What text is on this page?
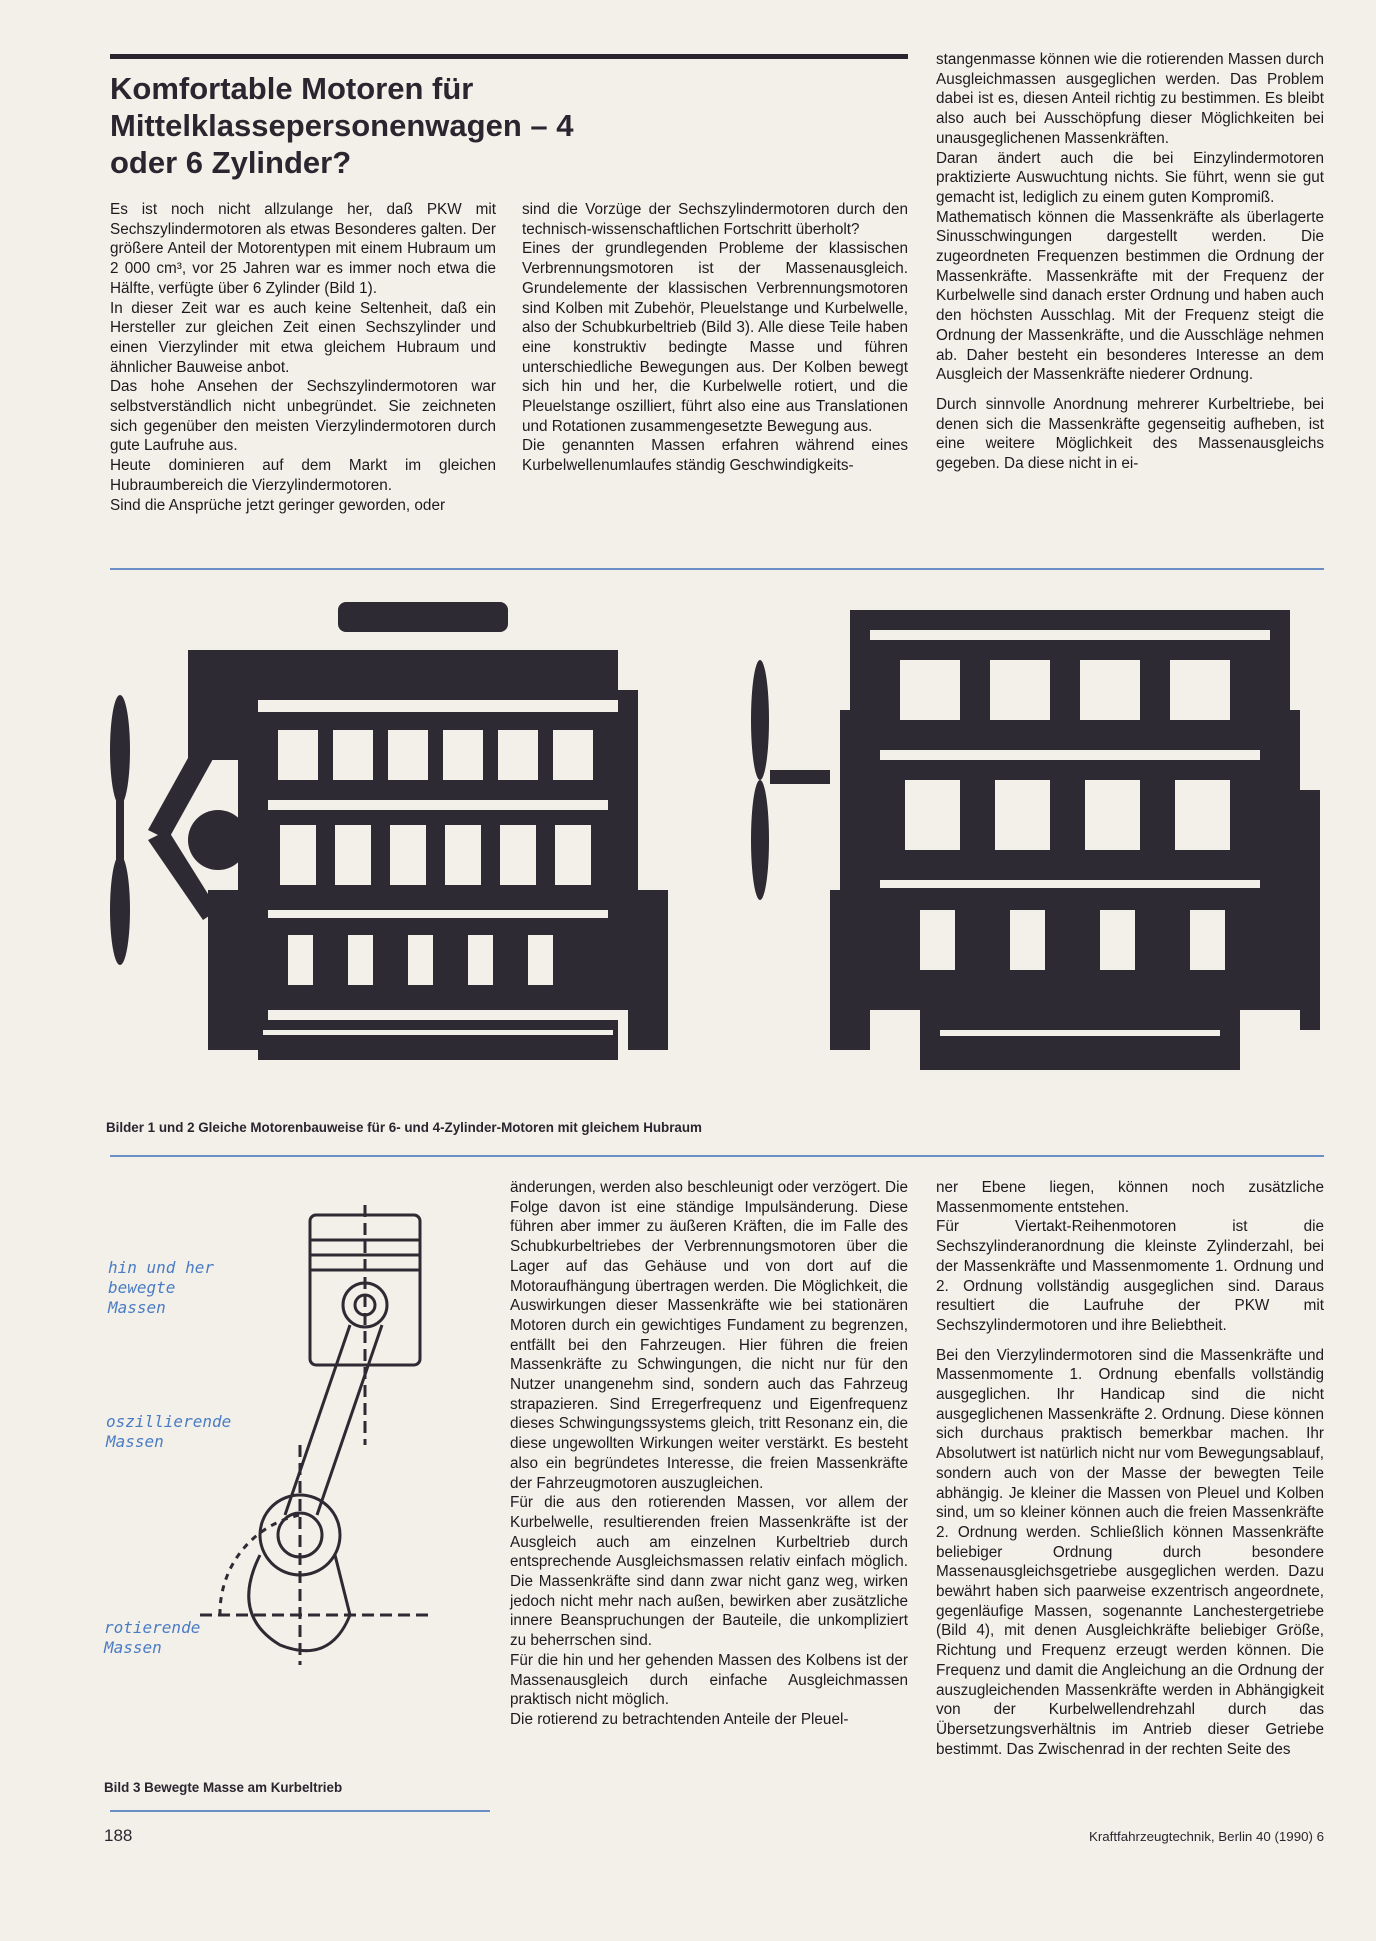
Komfortable Motoren für Mittelklassepersonenwagen – 4 oder 6 Zylinder?

Es ist noch nicht allzulange her, daß PKW mit Sechszylindermotoren als etwas Besonderes galten. Der größere Anteil der Motorentypen mit einem Hubraum um 2 000 cm³, vor 25 Jahren war es immer noch etwa die Hälfte, verfügte über 6 Zylinder (Bild 1).

In dieser Zeit war es auch keine Seltenheit, daß ein Hersteller zur gleichen Zeit einen Sechszylinder und einen Vierzylinder mit etwa gleichem Hubraum und ähnlicher Bauweise anbot.

Das hohe Ansehen der Sechszylindermotoren war selbstverständlich nicht unbegründet. Sie zeichneten sich gegenüber den meisten Vierzylindermotoren durch gute Laufruhe aus.

Heute dominieren auf dem Markt im gleichen Hubraumbereich die Vierzylindermotoren.

Sind die Ansprüche jetzt geringer geworden, oder

sind die Vorzüge der Sechszylindermotoren durch den technisch-wissenschaftlichen Fortschritt überholt?

Eines der grundlegenden Probleme der klassischen Verbrennungsmotoren ist der Massenausgleich. Grundelemente der klassischen Verbrennungsmotoren sind Kolben mit Zubehör, Pleuelstange und Kurbelwelle, also der Schubkurbeltrieb (Bild 3). Alle diese Teile haben eine konstruktiv bedingte Masse und führen unterschiedliche Bewegungen aus. Der Kolben bewegt sich hin und her, die Kurbelwelle rotiert, und die Pleuelstange oszilliert, führt also eine aus Translationen und Rotationen zusammengesetzte Bewegung aus.

Die genannten Massen erfahren während eines Kurbelwellenumlaufes ständig Geschwindigkeits-

stangenmasse können wie die rotierenden Massen durch Ausgleichmassen ausgeglichen werden. Das Problem dabei ist es, diesen Anteil richtig zu bestimmen. Es bleibt also auch bei Ausschöpfung dieser Möglichkeiten bei unausgeglichenen Massenkräften.

Daran ändert auch die bei Einzylindermotoren praktizierte Auswuchtung nichts. Sie führt, wenn sie gut gemacht ist, lediglich zu einem guten Kompromiß.

Mathematisch können die Massenkräfte als überlagerte Sinusschwingungen dargestellt werden. Die zugeordneten Frequenzen bestimmen die Ordnung der Massenkräfte. Massenkräfte mit der Frequenz der Kurbelwelle sind danach erster Ordnung und haben auch den höchsten Ausschlag. Mit der Frequenz steigt die Ordnung der Massenkräfte, und die Ausschläge nehmen ab. Daher besteht ein besonderes Interesse an dem Ausgleich der Massenkräfte niederer Ordnung.

Durch sinnvolle Anordnung mehrerer Kurbeltriebe, bei denen sich die Massenkräfte gegenseitig aufheben, ist eine weitere Möglichkeit des Massenausgleichs gegeben. Da diese nicht in ei-

Bilder 1 und 2 Gleiche Motorenbauweise für 6- und 4-Zylinder-Motoren mit gleichem Hubraum
hin und her
bewegte
Massen
oszillierende
Massen
rotierende
Massen
Bild 3 Bewegte Masse am Kurbeltrieb

änderungen, werden also beschleunigt oder verzögert. Die Folge davon ist eine ständige Impulsänderung. Diese führen aber immer zu äußeren Kräften, die im Falle des Schubkurbeltriebes der Verbrennungsmotoren über die Lager auf das Gehäuse und von dort auf die Motoraufhängung übertragen werden. Die Möglichkeit, die Auswirkungen dieser Massenkräfte wie bei stationären Motoren durch ein gewichtiges Fundament zu begrenzen, entfällt bei den Fahrzeugen. Hier führen die freien Massenkräfte zu Schwingungen, die nicht nur für den Nutzer unangenehm sind, sondern auch das Fahrzeug strapazieren. Sind Erregerfrequenz und Eigenfrequenz dieses Schwingungssystems gleich, tritt Resonanz ein, die diese ungewollten Wirkungen weiter verstärkt. Es besteht also ein begründetes Interesse, die freien Massenkräfte der Fahrzeugmotoren auszugleichen.

Für die aus den rotierenden Massen, vor allem der Kurbelwelle, resultierenden freien Massenkräfte ist der Ausgleich auch am einzelnen Kurbeltrieb durch entsprechende Ausgleichsmassen relativ einfach möglich. Die Massenkräfte sind dann zwar nicht ganz weg, wirken jedoch nicht mehr nach außen, bewirken aber zusätzliche innere Beanspruchungen der Bauteile, die unkompliziert zu beherrschen sind.

Für die hin und her gehenden Massen des Kolbens ist der Massenausgleich durch einfache Ausgleichmassen praktisch nicht möglich.

Die rotierend zu betrachtenden Anteile der Pleuel-

ner Ebene liegen, können noch zusätzliche Massenmomente entstehen.

Für Viertakt-Reihenmotoren ist die Sechszylinderanordnung die kleinste Zylinderzahl, bei der Massenkräfte und Massenmomente 1. Ordnung und 2. Ordnung vollständig ausgeglichen sind. Daraus resultiert die Laufruhe der PKW mit Sechszylindermotoren und ihre Beliebtheit.

Bei den Vierzylindermotoren sind die Massenkräfte und Massenmomente 1. Ordnung ebenfalls vollständig ausgeglichen. Ihr Handicap sind die nicht ausgeglichenen Massenkräfte 2. Ordnung. Diese können sich durchaus praktisch bemerkbar machen. Ihr Absolutwert ist natürlich nicht nur vom Bewegungsablauf, sondern auch von der Masse der bewegten Teile abhängig. Je kleiner die Massen von Pleuel und Kolben sind, um so kleiner können auch die freien Massenkräfte 2. Ordnung werden. Schließlich können Massenkräfte beliebiger Ordnung durch besondere Massenausgleichsgetriebe ausgeglichen werden. Dazu bewährt haben sich paarweise exzentrisch angeordnete, gegenläufige Massen, sogenannte Lanchestergetriebe (Bild 4), mit denen Ausgleichkräfte beliebiger Größe, Richtung und Frequenz erzeugt werden können. Die Frequenz und damit die Angleichung an die Ordnung der auszugleichenden Massenkräfte werden in Abhängigkeit von der Kurbelwellendrehzahl durch das Übersetzungsverhältnis im Antrieb dieser Getriebe bestimmt. Das Zwischenrad in der rechten Seite des

188	Kraftfahrzeugtechnik, Berlin 40 (1990) 6
